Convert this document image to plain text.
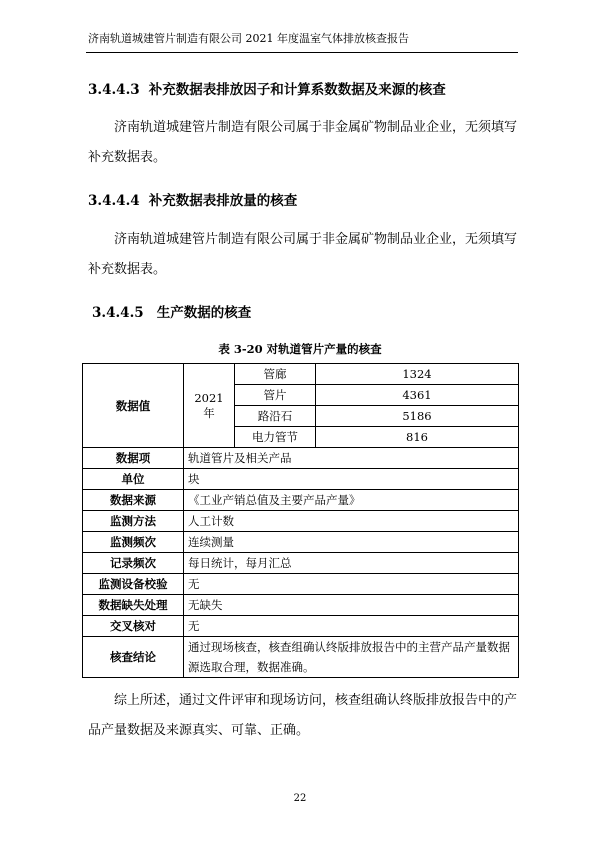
济南轨道城建管片制造有限公司 2021 年度温室气体排放核查报告
3.4.4.3 补充数据表排放因子和计算系数数据及来源的核查
济南轨道城建管片制造有限公司属于非金属矿物制品业企业，无须填写补充数据表。
3.4.4.4 补充数据表排放量的核查
济南轨道城建管片制造有限公司属于非金属矿物制品业企业，无须填写补充数据表。
3.4.4.5 生产数据的核查
表 3-20 对轨道管片产量的核查
数据值	2021 年	管廊	1324
		管片	4361
		路沿石	5186
		电力管节	816
数据项	轨道管片及相关产品		
单位	块		
数据来源	《工业产销总值及主要产品产量》		
监测方法	人工计数		
监测频次	连续测量		
记录频次	每日统计，每月汇总		
监测设备校验	无		
数据缺失处理	无缺失		
交叉核对	无		
核查结论	通过现场核查，核查组确认终版排放报告中的主营产品产量数据源选取合理，数据准确。		
综上所述，通过文件评审和现场访问，核查组确认终版排放报告中的产品产量数据及来源真实、可靠、正确。
22
